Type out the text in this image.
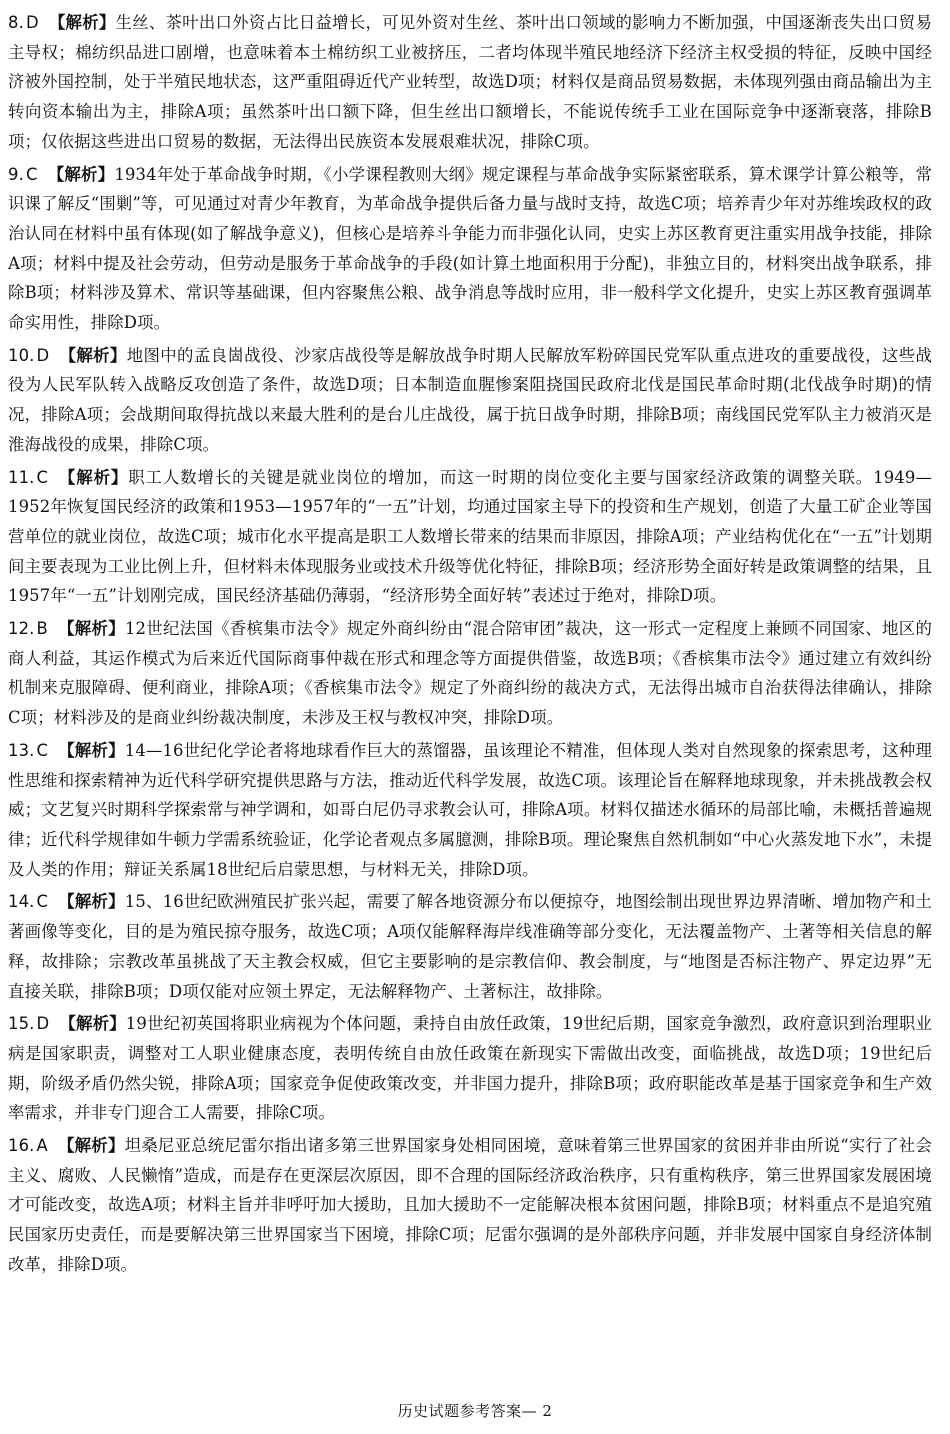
8. D 【解析】生丝、茶叶出口外资占比日益增长，可见外资对生丝、茶叶出口领域的影响力不断加强，中国逐渐丧失出口贸易主导权；棉纺织品进口剧增，也意味着本土棉纺织工业被挤压，二者均体现半殖民地经济下经济主权受损的特征，反映中国经济被外国控制，处于半殖民地状态，这严重阻碍近代产业转型，故选D项；材料仅是商品贸易数据，未体现列强由商品输出为主转向资本输出为主，排除A项；虽然茶叶出口额下降，但生丝出口额增长，不能说传统手工业在国际竞争中逐渐衰落，排除B项；仅依据这些进出口贸易的数据，无法得出民族资本发展艰难状况，排除C项。
9. C 【解析】1934年处于革命战争时期，《小学课程教则大纲》规定课程与革命战争实际紧密联系，算术课学计算公粮等，常识课了解反“围剿”等，可见通过对青少年教育，为革命战争提供后备力量与战时支持，故选C项；培养青少年对苏维埃政权的政治认同在材料中虽有体现(如了解战争意义)，但核心是培养斗争能力而非强化认同，史实上苏区教育更注重实用战争技能，排除A项；材料中提及社会劳动，但劳动是服务于革命战争的手段(如计算土地面积用于分配)，非独立目的，材料突出战争联系，排除B项；材料涉及算术、常识等基础课，但内容聚焦公粮、战争消息等战时应用，非一般科学文化提升，史实上苏区教育强调革命实用性，排除D项。
10. D 【解析】地图中的孟良崮战役、沙家店战役等是解放战争时期人民解放军粉碎国民党军队重点进攻的重要战役，这些战役为人民军队转入战略反攻创造了条件，故选D项；日本制造血腥惨案阻挠国民政府北伐是国民革命时期(北伐战争时期)的情况，排除A项；会战期间取得抗战以来最大胜利的是台儿庄战役，属于抗日战争时期，排除B项；南线国民党军队主力被消灭是淮海战役的成果，排除C项。
11. C 【解析】职工人数增长的关键是就业岗位的增加，而这一时期的岗位变化主要与国家经济政策的调整关联。1949—1952年恢复国民经济的政策和1953—1957年的“一五”计划，均通过国家主导下的投资和生产规划，创造了大量工矿企业等国营单位的就业岗位，故选C项；城市化水平提高是职工人数增长带来的结果而非原因，排除A项；产业结构优化在“一五”计划期间主要表现为工业比例上升，但材料未体现服务业或技术升级等优化特征，排除B项；经济形势全面好转是政策调整的结果，且1957年“一五”计划刚完成，国民经济基础仍薄弱，“经济形势全面好转”表述过于绝对，排除D项。
12. B 【解析】12世纪法国《香槟集市法令》规定外商纠纷由“混合陪审团”裁决，这一形式一定程度上兼顾不同国家、地区的商人利益，其运作模式为后来近代国际商事仲裁在形式和理念等方面提供借鉴，故选B项；《香槟集市法令》通过建立有效纠纷机制来克服障碍、便利商业，排除A项；《香槟集市法令》规定了外商纠纷的裁决方式，无法得出城市自治获得法律确认，排除C项；材料涉及的是商业纠纷裁决制度，未涉及王权与教权冲突，排除D项。
13. C 【解析】14—16世纪化学论者将地球看作巨大的蒸馏器，虽该理论不精准，但体现人类对自然现象的探索思考，这种理性思维和探索精神为近代科学研究提供思路与方法，推动近代科学发展，故选C项。该理论旨在解释地球现象，并未挑战教会权威；文艺复兴时期科学探索常与神学调和，如哥白尼仍寻求教会认可，排除A项。材料仅描述水循环的局部比喻，未概括普遍规律；近代科学规律如牛顿力学需系统验证，化学论者观点多属臆测，排除B项。理论聚焦自然机制如“中心火蒸发地下水”，未提及人类的作用；辩证关系属18世纪后启蒙思想，与材料无关，排除D项。
14. C 【解析】15、16世纪欧洲殖民扩张兴起，需要了解各地资源分布以便掠夺，地图绘制出现世界边界清晰、增加物产和土著画像等变化，目的是为殖民掠夺服务，故选C项；A项仅能解释海岸线准确等部分变化，无法覆盖物产、土著等相关信息的解释，故排除；宗教改革虽挑战了天主教会权威，但它主要影响的是宗教信仰、教会制度，与“地图是否标注物产、界定边界”无直接关联，排除B项；D项仅能对应领土界定，无法解释物产、土著标注，故排除。
15. D 【解析】19世纪初英国将职业病视为个体问题，秉持自由放任政策，19世纪后期，国家竞争激烈，政府意识到治理职业病是国家职责，调整对工人职业健康态度，表明传统自由放任政策在新现实下需做出改变，面临挑战，故选D项；19世纪后期，阶级矛盾仍然尖锐，排除A项；国家竞争促使政策改变，并非国力提升，排除B项；政府职能改革是基于国家竞争和生产效率需求，并非专门迎合工人需要，排除C项。
16. A 【解析】坦桑尼亚总统尼雷尔指出诸多第三世界国家身处相同困境，意味着第三世界国家的贫困并非由所说“实行了社会主义、腐败、人民懒惰”造成，而是存在更深层次原因，即不合理的国际经济政治秩序，只有重构秩序，第三世界国家发展困境才可能改变，故选A项；材料主旨并非呼吁加大援助，且加大援助不一定能解决根本贫困问题，排除B项；材料重点不是追究殖民国家历史责任，而是要解决第三世界国家当下困境，排除C项；尼雷尔强调的是外部秩序问题，并非发展中国家自身经济体制改革，排除D项。
历史试题参考答案— 2
